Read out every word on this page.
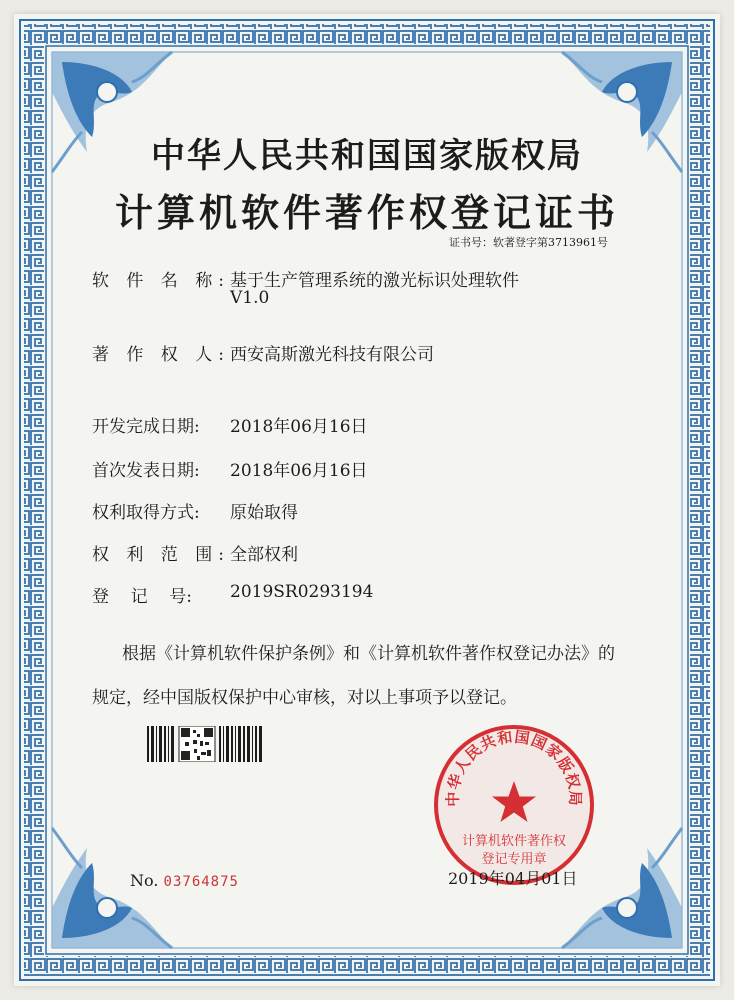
中华人民共和国国家版权局
计算机软件著作权登记证书
证书号：软著登字第3713961号
软 件 名 称: 基于生产管理系统的激光标识处理软件
V1.0
著 作 权 人: 西安高斯激光科技有限公司
开发完成日期: 2018年06月16日
首次发表日期: 2018年06月16日
权利取得方式: 原始取得
权 利 范 围: 全部权利
登    记    号: 2019SR0293194
根据《计算机软件保护条例》和《计算机软件著作权登记办法》的
规定，经中国版权保护中心审核，对以上事项予以登记。
中华人民共和国国家版权局
计算机软件著作权
登记专用章
No. 03764875	2019年04月01日
